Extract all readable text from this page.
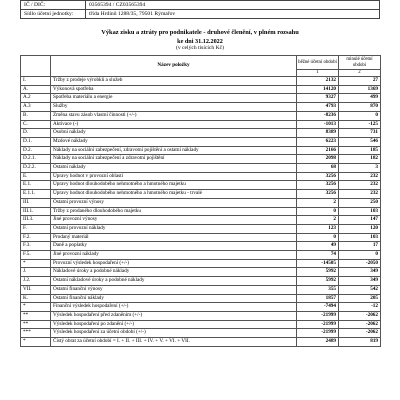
IČ / DIČ:	03565394 / CZ03565394
Sídlo účetní jednotky:	třída Hrdinů 1288/35, 79501 Rýmařov
Výkaz zisku a ztráty pro podnikatele - druhové členění, v plném rozsahu
ke dni 31.12.2022
(v celých tisících Kč)
	Název položky	běžné účetní období	minulé účetní období
		1	2
I.	Tržby z prodeje výrobků a služeb	2132	27
A.	Výkonová spotřeba	14120	1369
A.2	Spotřeba materiálu a energie	9327	499
A.3	Služby	4793	870
B.	Změna stavu zásob vlastní činnosti (+/-)	-8236	0
C.	Aktivace (-)	-1013	-125
D.	Osobní náklady	8389	731
D.1.	Mzdové náklady	6223	546
D.2.	Náklady na sociální zabezpečení, zdravotní pojištění a ostatní náklady	2166	185
D.2.1.	Náklady na sociální zabezpečení a zdravotní pojištění	2098	182
D.2.2.	Ostatní náklady	68	3
E.	Úpravy hodnot v provozní oblasti	3256	232
E.1.	Úpravy hodnot dlouhodobého nehmotného a hmotného majetku	3256	232
E.1.1.	Úpravy hodnot dlouhodobého nehmotného a hmotného majetku - trvalé	3256	232
III.	Ostatní provozní výnosy	2	250
III.1.	Tržby z prodaného dlouhodobého majetku	0	103
III.3.	Jiné provozní výnosy	2	147
F.	Ostatní provozní náklady	123	120
F.2.	Prodaný materiál	0	103
F.3.	Daně a poplatky	49	17
F.5.	Jiné provozní náklady	74	0
*	Provozní výsledek hospodaření (+/-)	-14505	-2050
J.	Nákladové úroky a podobné náklady	5992	349
J.2.	Ostatní nákladové úroky a podobné náklady	5992	349
VII.	Ostatní finanční výnosy	355	542
K.	Ostatní finanční náklady	1857	205
*	Finanční výsledek hospodaření (+/-)	-7494	-12
**	Výsledek hospodaření před zdaněním (+/-)	-21999	-2062
**	Výsledek hospodaření po zdanění (+/-)	-21999	-2062
***	Výsledek hospodaření za účetní období (+/-)	-21999	-2062
*	Čistý obrat za účetní období = I. + II. + III. + IV. + V. + VI. + VII.	2489	819
